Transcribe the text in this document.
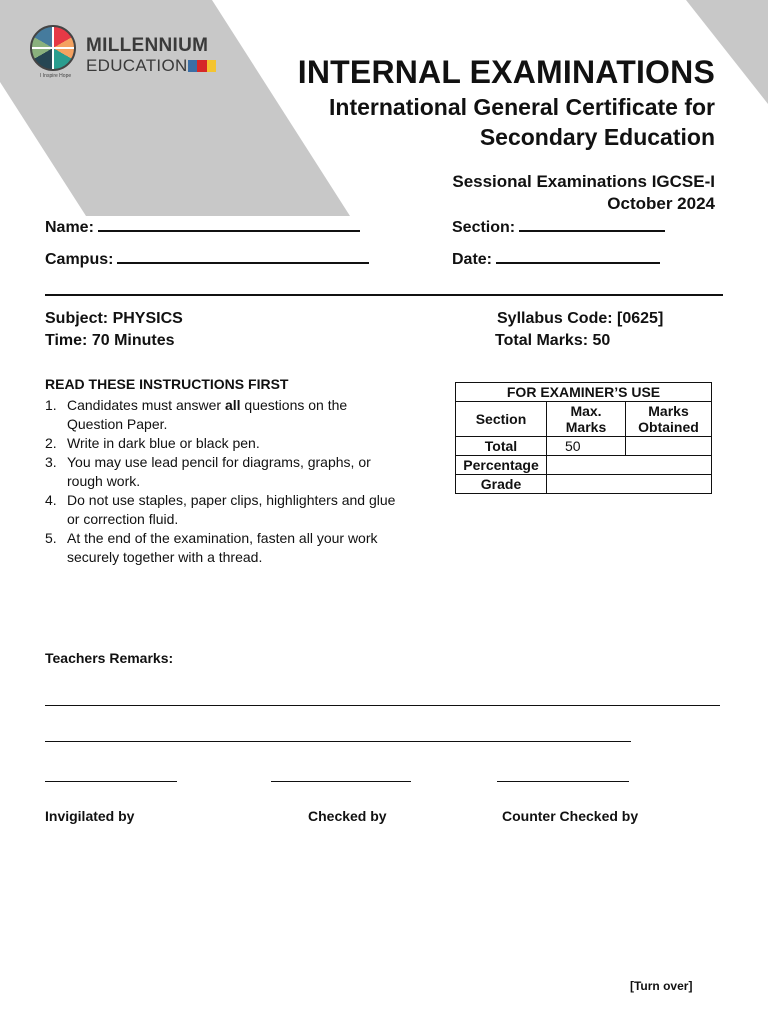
MILLENNIUM
EDUCATION
I Inspire Hope	INTERNAL EXAMINATIONS
International General Certificate for
Secondary Education
Sessional Examinations IGCSE-I
October 2024
Name:	Section:
Campus:	Date:
Subject: PHYSICS
Time: 70 Minutes
Syllabus Code: [0625]
Total Marks: 50
READ THESE INSTRUCTIONS FIRST
1. Candidates must answer all questions on the Question Paper.
2. Write in dark blue or black pen.
3. You may use lead pencil for diagrams, graphs, or rough work.
4. Do not use staples, paper clips, highlighters and glue or correction fluid.
5. At the end of the examination, fasten all your work securely together with a thread.
FOR EXAMINER’S USE		
Section	Max. Marks	Marks Obtained
Total	50	
Percentage		
Grade		
Teachers Remarks:
Invigilated by	Checked by	Counter Checked by
[Turn over]
